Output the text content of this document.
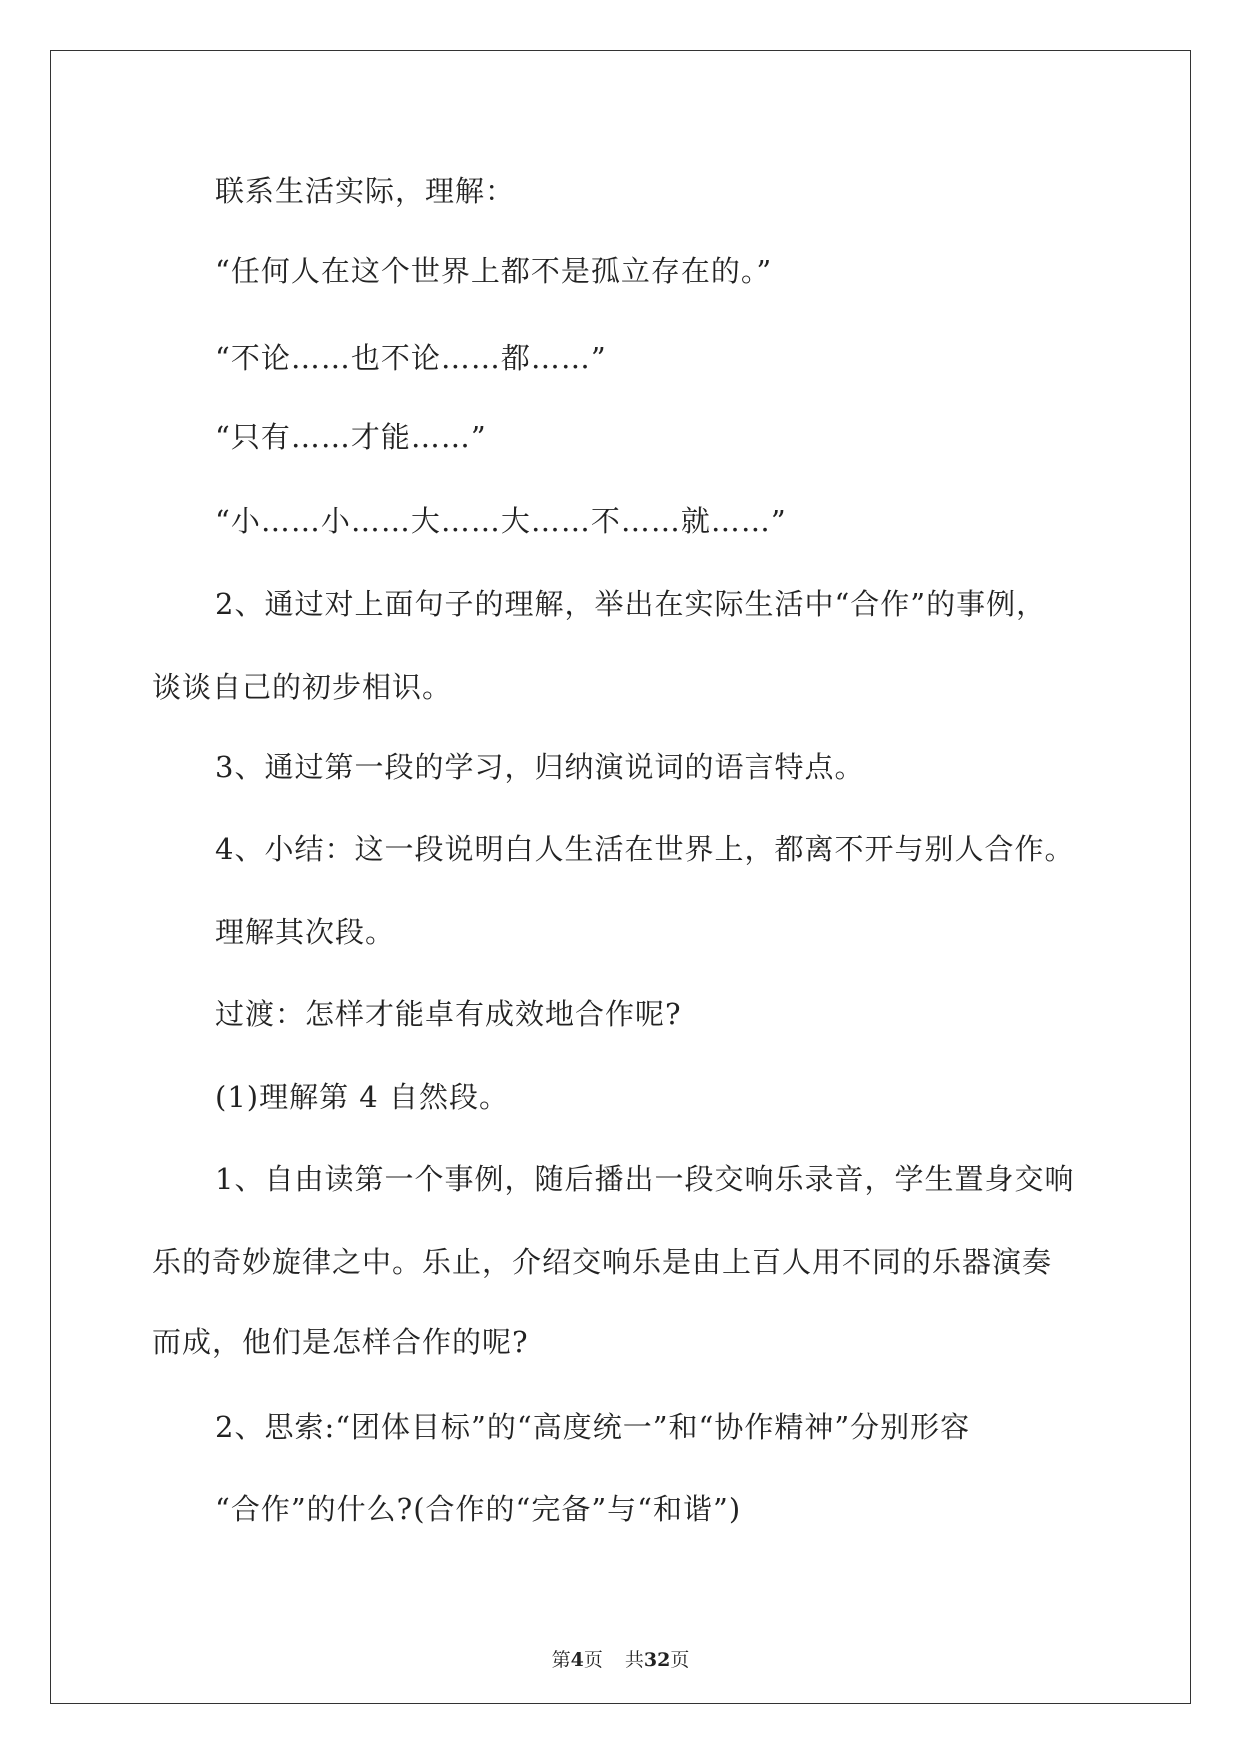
联系生活实际，理解：
“任何人在这个世界上都不是孤立存在的。”
“不论……也不论……都……”
“只有……才能……”
“小……小……大……大……不……就……”
2、通过对上面句子的理解，举出在实际生活中“合作”的事例，
谈谈自己的初步相识。
3、通过第一段的学习，归纳演说词的语言特点。
4、小结：这一段说明白人生活在世界上，都离不开与别人合作。
理解其次段。
过渡：怎样才能卓有成效地合作呢?
(1)理解第 4 自然段。
1、自由读第一个事例，随后播出一段交响乐录音，学生置身交响
乐的奇妙旋律之中。乐止，介绍交响乐是由上百人用不同的乐器演奏
而成，他们是怎样合作的呢?
2、思索:“团体目标”的“高度统一”和“协作精神”分别形容
“合作”的什么?(合作的“完备”与“和谐”)
第4页 共32页
